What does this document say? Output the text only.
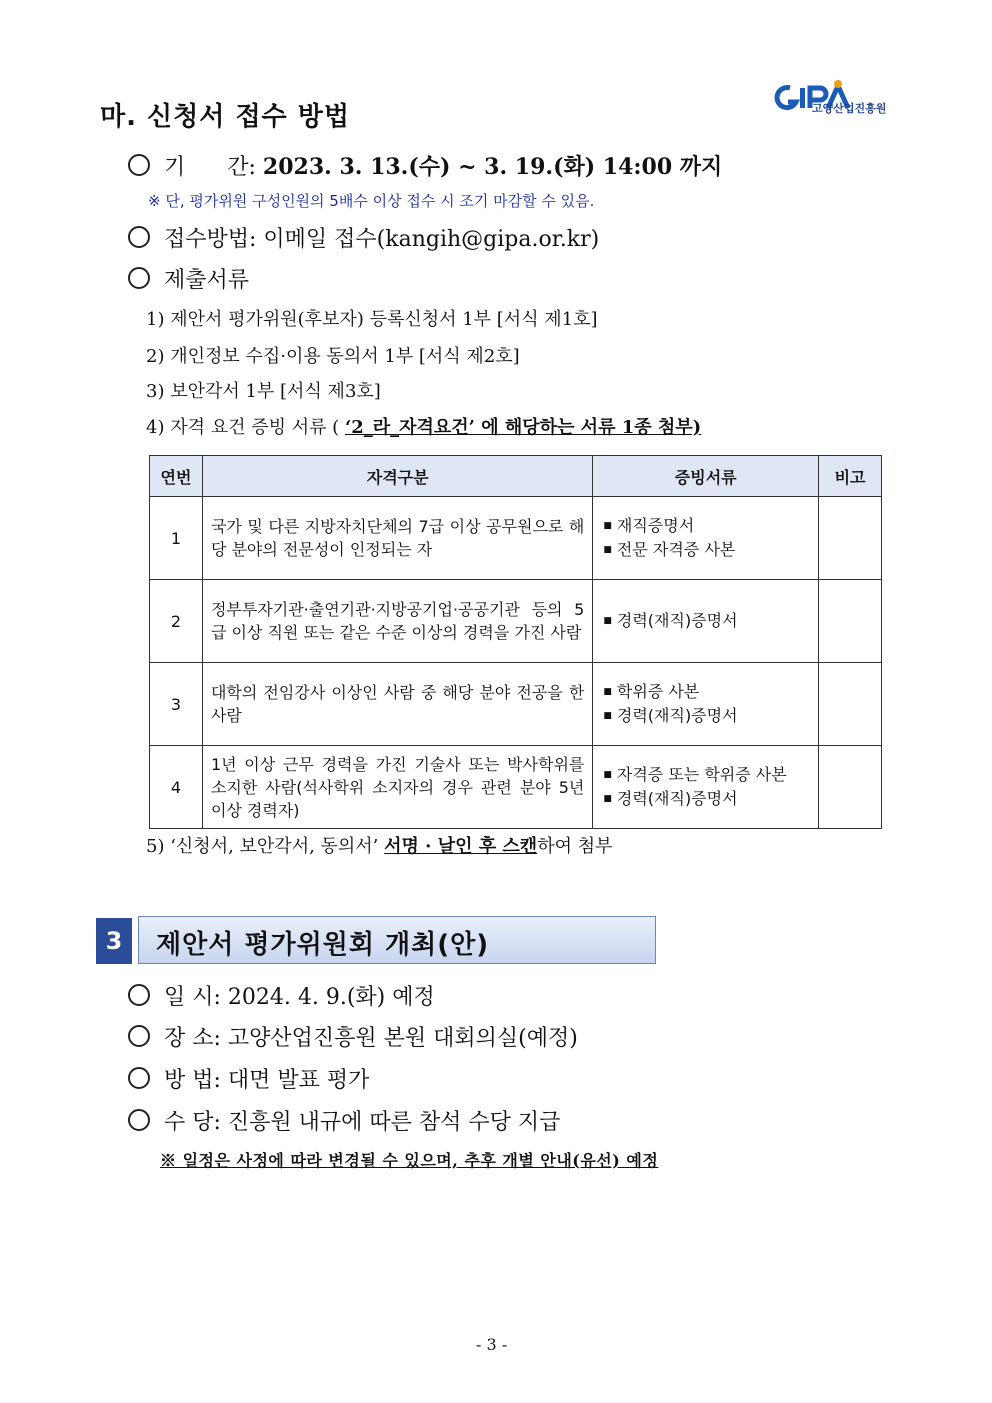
고양산업진흥원
마. 신청서 접수 방법
기      간: 2023. 3. 13.(수) ~ 3. 19.(화) 14:00 까지
※ 단, 평가위원 구성인원의 5배수 이상 접수 시 조기 마감할 수 있음.
접수방법: 이메일 접수(kangih@gipa.or.kr)
제출서류
1) 제안서 평가위원(후보자) 등록신청서 1부 [서식 제1호]
2) 개인정보 수집·이용 동의서 1부 [서식 제2호]
3) 보안각서 1부 [서식 제3호]
4) 자격 요건 증빙 서류 ( ‘2_라_자격요건’ 에 해당하는 서류 1종 첨부)
연번	자격구분	증빙서류	비고
1	국가 및 다른 지방자치단체의 7급 이상 공무원으로 해당 분야의 전문성이 인정되는 자	■ 재직증명서
■ 전문 자격증 사본

2	정부투자기관·출연기관·지방공기업·공공기관 등의 5급 이상 직원 또는 같은 수준 이상의 경력을 가진 사람	■ 경력(재직)증명서

3	대학의 전임강사 이상인 사람 중 해당 분야 전공을 한 사람	■ 학위증 사본
■ 경력(재직)증명서

4	1년 이상 근무 경력을 가진 기술사 또는 박사학위를 소지한 사람(석사학위 소지자의 경우 관련 분야 5년 이상 경력자)	■ 자격증 또는 학위증 사본
■ 경력(재직)증명서

5) ‘신청서, 보안각서, 동의서’ 서명 · 날인 후 스캔하여 첨부
3	제안서 평가위원회 개최(안)
일 시: 2024. 4. 9.(화) 예정
장 소: 고양산업진흥원 본원 대회의실(예정)
방 법: 대면 발표 평가
수 당: 진흥원 내규에 따른 참석 수당 지급
※ 일정은 사정에 따라 변경될 수 있으며, 추후 개별 안내(유선) 예정
- 3 -
